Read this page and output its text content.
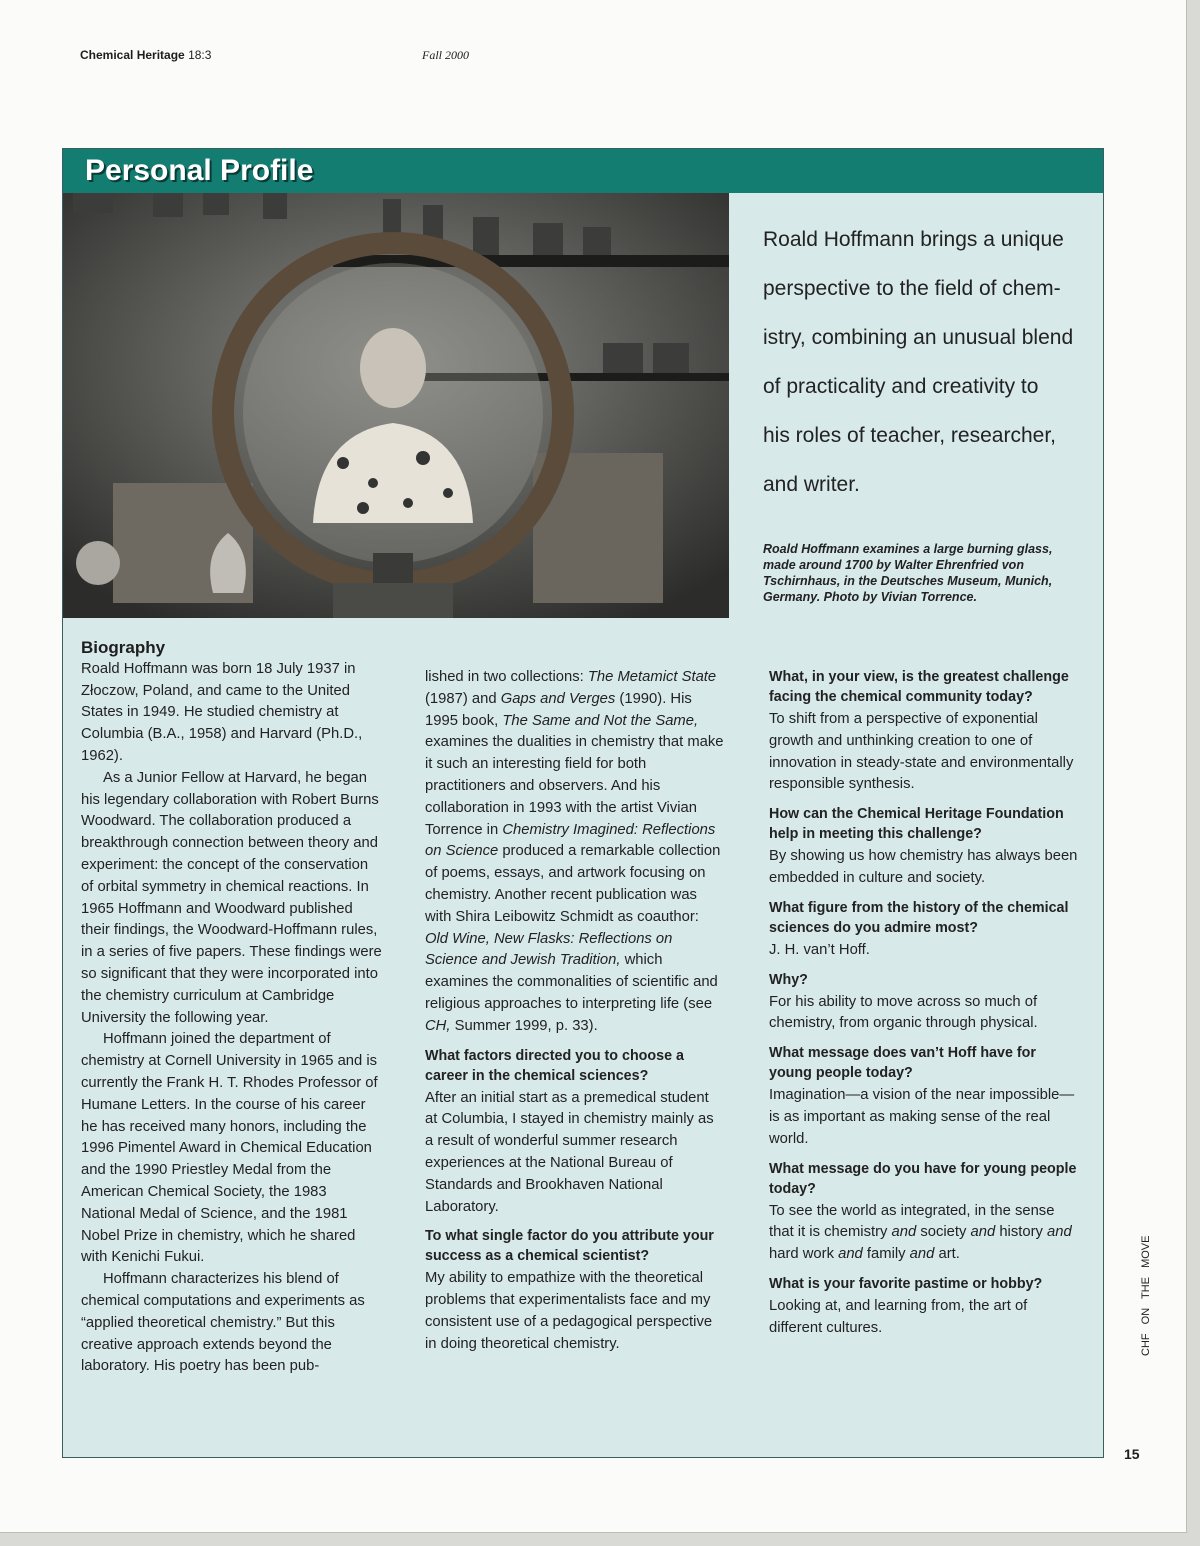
Chemical Heritage 18:3	Fall 2000
Personal Profile
Roald Hoffmann brings a unique
perspective to the field of chem-
istry, combining an unusual blend
of practicality and creativity to
his roles of teacher, researcher,
and writer.
Roald Hoffmann examines a large burning glass, made around 1700 by Walter Ehrenfried von Tschirnhaus, in the Deutsches Museum, Munich, Germany. Photo by Vivian Torrence.

Biography

Roald Hoffmann was born 18 July 1937 in Złoczow, Poland, and came to the United States in 1949. He studied chemistry at Columbia (B.A., 1958) and Harvard (Ph.D., 1962).

As a Junior Fellow at Harvard, he began his legendary collaboration with Robert Burns Woodward. The collaboration produced a breakthrough connection between theory and experiment: the concept of the conservation of orbital symmetry in chemical reactions. In 1965 Hoffmann and Woodward published their findings, the Woodward-Hoffmann rules, in a series of five papers. These findings were so significant that they were incorporated into the chemistry curriculum at Cambridge University the following year.

Hoffmann joined the department of chemistry at Cornell University in 1965 and is currently the Frank H. T. Rhodes Professor of Humane Letters. In the course of his career he has received many honors, including the 1996 Pimentel Award in Chemical Education and the 1990 Priestley Medal from the American Chemical Society, the 1983 National Medal of Science, and the 1981 Nobel Prize in chemistry, which he shared with Kenichi Fukui.

Hoffmann characterizes his blend of chemical computations and experiments as “applied theoretical chemistry.” But this creative approach extends beyond the laboratory. His poetry has been pub-

lished in two collections: The Metamict State (1987) and Gaps and Verges (1990). His 1995 book, The Same and Not the Same, examines the dualities in chemistry that make it such an interesting field for both practitioners and observers. And his collaboration in 1993 with the artist Vivian Torrence in Chemistry Imagined: Reflections on Science produced a remarkable collection of poems, essays, and artwork focusing on chemistry. Another recent publication was with Shira Leibowitz Schmidt as coauthor: Old Wine, New Flasks: Reflections on Science and Jewish Tradition, which examines the commonalities of scientific and religious approaches to interpreting life (see CH, Summer 1999, p. 33).

What factors directed you to choose a career in the chemical sciences?

After an initial start as a premedical student at Columbia, I stayed in chemistry mainly as a result of wonderful summer research experiences at the National Bureau of Standards and Brookhaven National Laboratory.

To what single factor do you attribute your success as a chemical scientist?

My ability to empathize with the theoretical problems that experimentalists face and my consistent use of a pedagogical perspective in doing theoretical chemistry.

What, in your view, is the greatest challenge facing the chemical community today?

To shift from a perspective of exponential growth and unthinking creation to one of innovation in steady-state and environmentally responsible synthesis.

How can the Chemical Heritage Foundation help in meeting this challenge?

By showing us how chemistry has always been embedded in culture and society.

What figure from the history of the chemical sciences do you admire most?

J. H. van’t Hoff.

Why?

For his ability to move across so much of chemistry, from organic through physical.

What message does van’t Hoff have for young people today?

Imagination—a vision of the near impossible—is as important as making sense of the real world.

What message do you have for young people today?

To see the world as integrated, in the sense that it is chemistry and society and history and hard work and family and art.

What is your favorite pastime or hobby?

Looking at, and learning from, the art of different cultures.	CHF ON THE MOVE
15
